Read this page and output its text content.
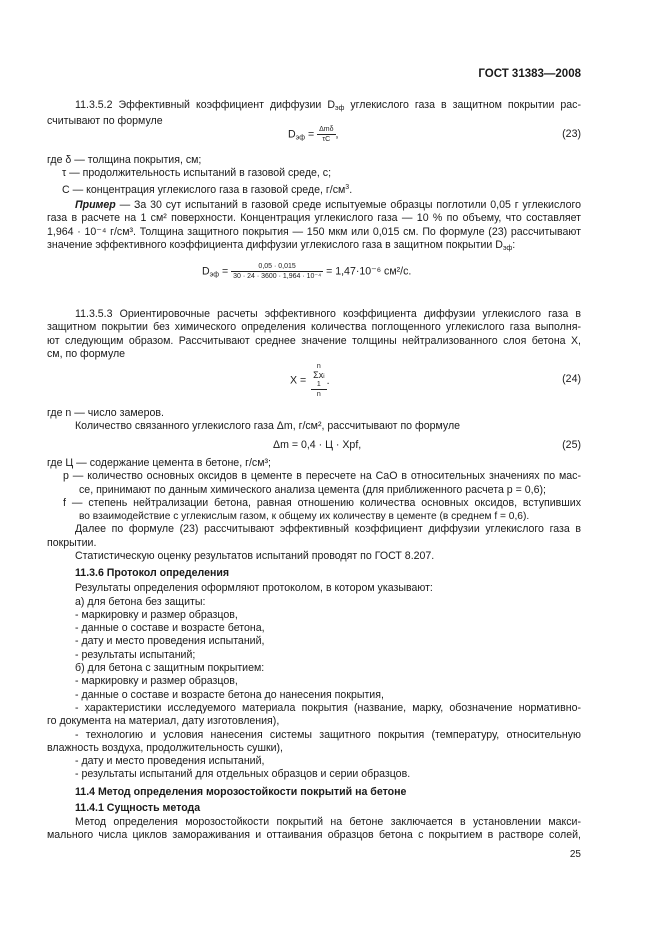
ГОСТ 31383—2008
11.3.5.2 Эффективный коэффициент диффузии $D_{эф}$ углекислого газа в защитном покрытии рас-
считывают по формуле
$D_{эф} = \frac{\text{Δmδ}}{\tau C}$ ,	(23)
где δ — толщина покрытия, см;
τ — продолжительность испытаний в газовой среде, с;
C — концентрация углекислого газа в газовой среде, $г/см^3$.
Пример — За 30 сут испытаний в газовой среде испытуемые образцы поглотили 0,05 г углекислого
газа в расчете на 1 см² поверхности. Концентрация углекислого газа — 10 % по объему, что составляет
1,964 · 10⁻⁴ г/см³. Толщина защитного покрытия — 150 мкм или 0,015 см. По формуле (23) рассчитывают
значение эффективного коэффициента диффузии углекислого газа в защитном покрытии $D_{эф}$:
$D_{эф} = \frac{0,05 \cdot 0,015}{\text{30 · 24 · 3600 · 1,964 · 10⁻⁴}} = 1,47\cdot 10^{-6}$ см²/с.
11.3.5.3 Ориентировочные расчеты эффективного коэффициента диффузии углекислого газа в
защитном покрытии без химического определения количества поглощенного углекислого газа выполня-
ют следующим образом. Рассчитывают среднее значение толщины нейтрализованного слоя бетона X,
см, по формуле
X = n
Σxi
1
n .	(24)
где n — число замеров.
Количество связанного углекислого газа Δm, г/см², рассчитывают по формуле
Δm = 0,4 · Ц · Xpf,	(25)
где Ц — содержание цемента в бетоне, г/см³;
p — количество основных оксидов в цементе в пересчете на CaO в относительных значениях по мас-
се, принимают по данным химического анализа цемента (для приближенного расчета p = 0,6);
f — степень нейтрализации бетона, равная отношению количества основных оксидов, вступивших
во взаимодействие с углекислым газом, к общему их количеству в цементе (в среднем f = 0,6).
Далее по формуле (23) рассчитывают эффективный коэффициент диффузии углекислого газа в
покрытии.
Статистическую оценку результатов испытаний проводят по ГОСТ 8.207.
11.3.6 Протокол определения
Результаты определения оформляют протоколом, в котором указывают:
а) для бетона без защиты:
- маркировку и размер образцов,
- данные о составе и возрасте бетона,
- дату и место проведения испытаний,
- результаты испытаний;
б) для бетона с защитным покрытием:
- маркировку и размер образцов,
- данные о составе и возрасте бетона до нанесения покрытия,
- характеристики исследуемого материала покрытия (название, марку, обозначение нормативно-
го документа на материал, дату изготовления),
- технологию и условия нанесения системы защитного покрытия (температуру, относительную
влажность воздуха, продолжительность сушки),
- дату и место проведения испытаний,
- результаты испытаний для отдельных образцов и серии образцов.
11.4 Метод определения морозостойкости покрытий на бетоне
11.4.1 Сущность метода
Метод определения морозостойкости покрытий на бетоне заключается в установлении макси-
мального числа циклов замораживания и оттаивания образцов бетона с покрытием в растворе солей,
25
